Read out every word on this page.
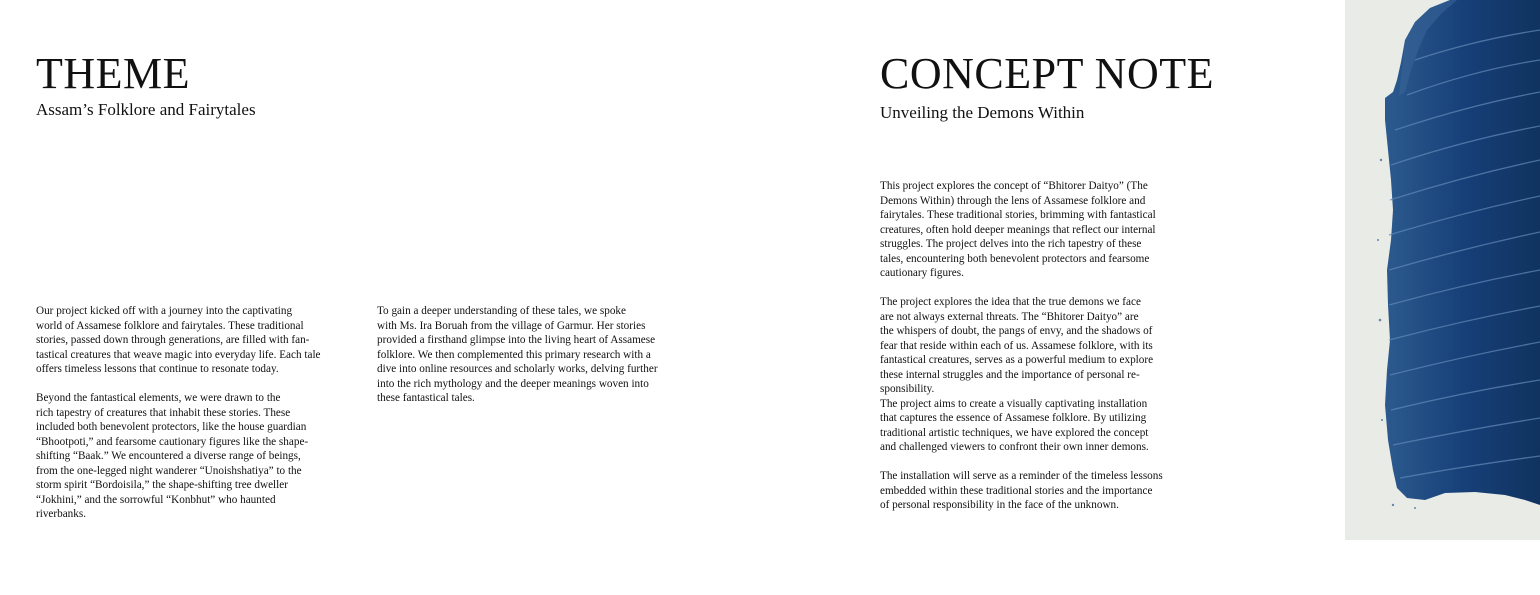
THEME
Assam’s Folklore and Fairytales

Our project kicked off with a journey into the captivating
world of Assamese folklore and fairytales. These traditional
stories, passed down through generations, are filled with fan-
tastical creatures that weave magic into everyday life. Each tale
offers timeless lessons that continue to resonate today.

Beyond the fantastical elements, we were drawn to the
rich tapestry of creatures that inhabit these stories. These
included both benevolent protectors, like the house guardian
“Bhootpoti,” and fearsome cautionary figures like the shape-
shifting “Baak.” We encountered a diverse range of beings,
from the one-legged night wanderer “Unoishshatiya” to the
storm spirit “Bordoisila,” the shape-shifting tree dweller
“Jokhini,” and the sorrowful “Konbhut” who haunted
riverbanks.

To gain a deeper understanding of these tales, we spoke
with Ms. Ira Boruah from the village of Garmur. Her stories
provided a firsthand glimpse into the living heart of Assamese
folklore. We then complemented this primary research with a
dive into online resources and scholarly works, delving further
into the rich mythology and the deeper meanings woven into
these fantastical tales.

CONCEPT NOTE
Unveiling the Demons Within

This project explores the concept of “Bhitorer Daityo” (The
Demons Within) through the lens of Assamese folklore and
fairytales. These traditional stories, brimming with fantastical
creatures, often hold deeper meanings that reflect our internal
struggles. The project delves into the rich tapestry of these
tales, encountering both benevolent protectors and fearsome
cautionary figures.

The project explores the idea that the true demons we face
are not always external threats. The “Bhitorer Daityo” are
the whispers of doubt, the pangs of envy, and the shadows of
fear that reside within each of us. Assamese folklore, with its
fantastical creatures, serves as a powerful medium to explore
these internal struggles and the importance of personal re-
sponsibility.

The project aims to create a visually captivating installation
that captures the essence of Assamese folklore. By utilizing
traditional artistic techniques, we have explored the concept
and challenged viewers to confront their own inner demons.

The installation will serve as a reminder of the timeless lessons
embedded within these traditional stories and the importance
of personal responsibility in the face of the unknown.
